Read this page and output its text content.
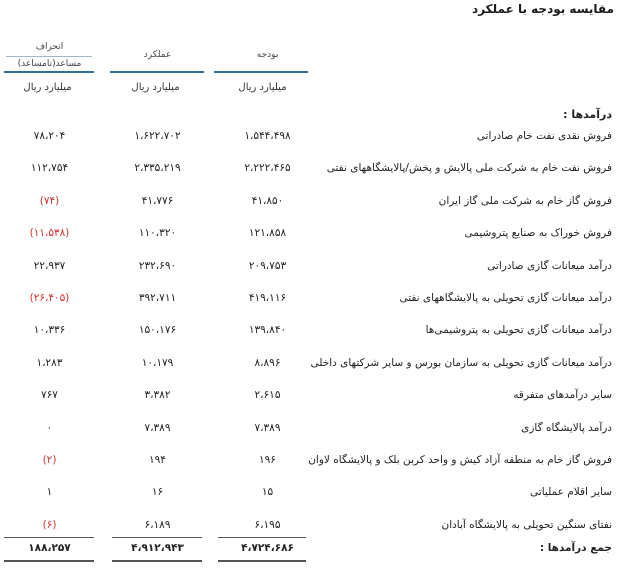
مقایسه بودجه با عملکرد
بودجه
عملکرد
انحراف
مساعد(نامساعد)
میلیارد ریال
میلیارد ریال
میلیارد ریال
درآمدها :
فروش نقدی نفت خام صادراتی
۱،۵۴۴،۴۹۸
۱،۶۲۲،۷۰۲
۷۸،۲۰۴
فروش نفت خام به شرکت ملی پالایش و پخش/پالایشگاههای نفتی
۲،۲۲۲،۴۶۵
۲،۳۳۵،۲۱۹
۱۱۲،۷۵۴
فروش گاز خام به شرکت ملی گاز ایران
۴۱،۸۵۰
۴۱،۷۷۶
(۷۴)
فروش خوراک به صنایع پتروشیمی
۱۲۱،۸۵۸
۱۱۰،۳۲۰
(۱۱،۵۳۸)
درآمد میعانات گازی صادراتی
۲۰۹،۷۵۳
۲۳۲،۶۹۰
۲۲،۹۳۷
درآمد میعانات گازی تحویلی به پالایشگاههای نفتی
۴۱۹،۱۱۶
۳۹۲،۷۱۱
(۲۶،۴۰۵)
درآمد میعانات گازی تحویلی به پتروشیمی‌ها
۱۳۹،۸۴۰
۱۵۰،۱۷۶
۱۰،۳۳۶
درآمد میعانات گازی تحویلی به سازمان بورس و سایر شرکتهای داخلی
۸،۸۹۶
۱۰،۱۷۹
۱،۲۸۳
سایر درآمدهای متفرقه
۲،۶۱۵
۳،۳۸۲
۷۶۷
درآمد پالایشگاه گازی
۷،۳۸۹
۷،۳۸۹
۰
فروش گاز خام به منطقه آزاد کیش و واحد کربن بلک و پالایشگاه لاوان
۱۹۶
۱۹۴
(۲)
سایر اقلام عملیاتی
۱۵
۱۶
۱
نفتای سنگین تحویلی به پالایشگاه آبادان
۶،۱۹۵
۶،۱۸۹
(۶)
جمع درآمدها :
۴،۷۲۴،۶۸۶
۴،۹۱۲،۹۴۳
۱۸۸،۲۵۷
